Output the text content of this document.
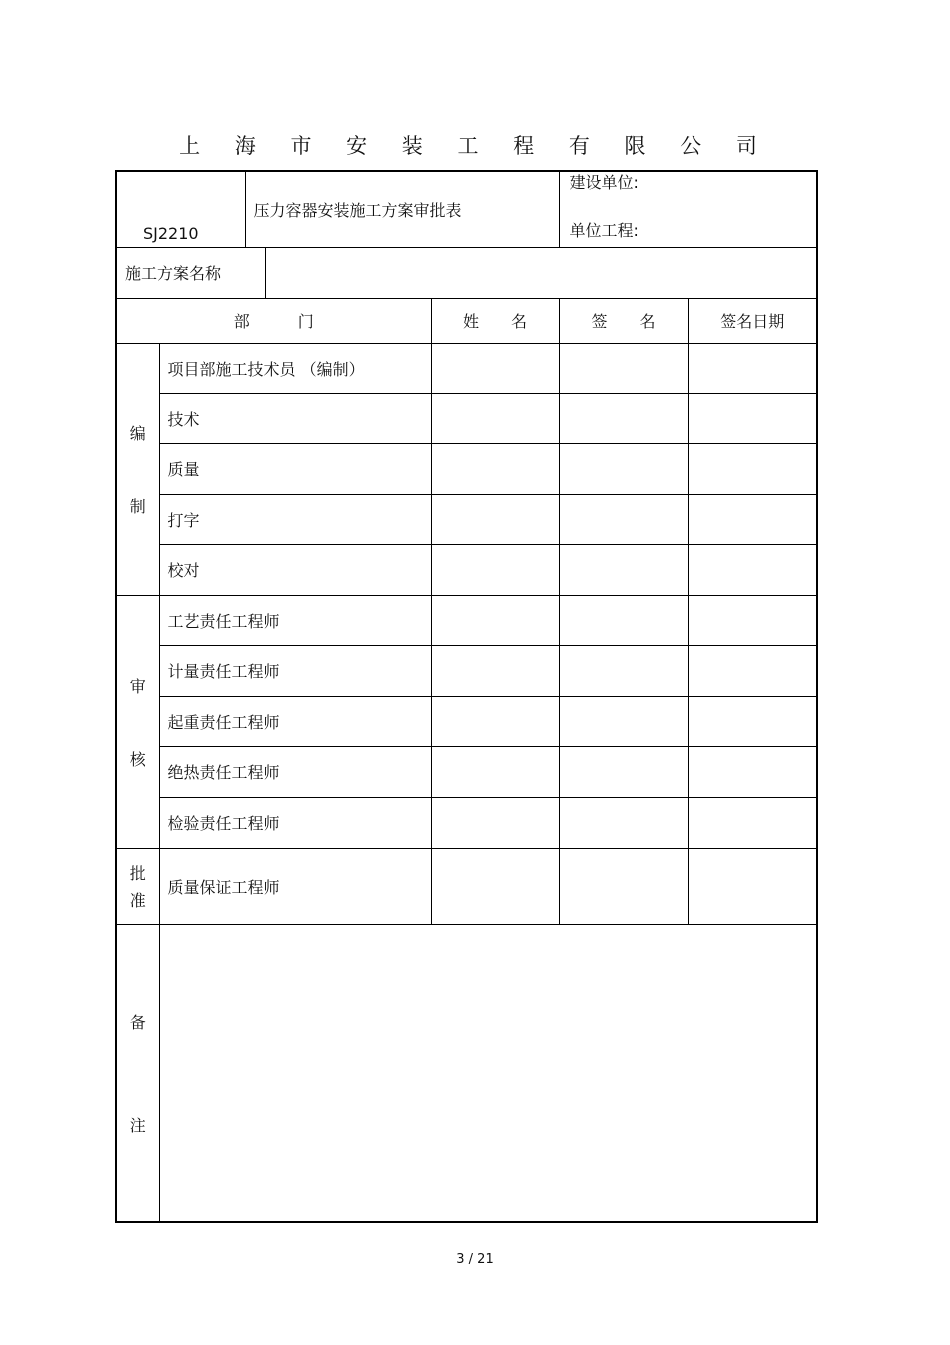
上 海 市 安 装 工 程 有 限 公 司
SJ2210		压力容器安装施工方案审批表			建设单位:
单位工程:	

施工方案名称						
部　　　门				姓　　名	签　　名	签名日期

编
制	项目部施工技术员 （编制）					
	技术					
	质量					
	打字					
	校对					

审
核	工艺责任工程师					
	计量责任工程师					
	起重责任工程师					
	绝热责任工程师					
	检验责任工程师					

批
准	质量保证工程师					

备
注						

3 / 21
